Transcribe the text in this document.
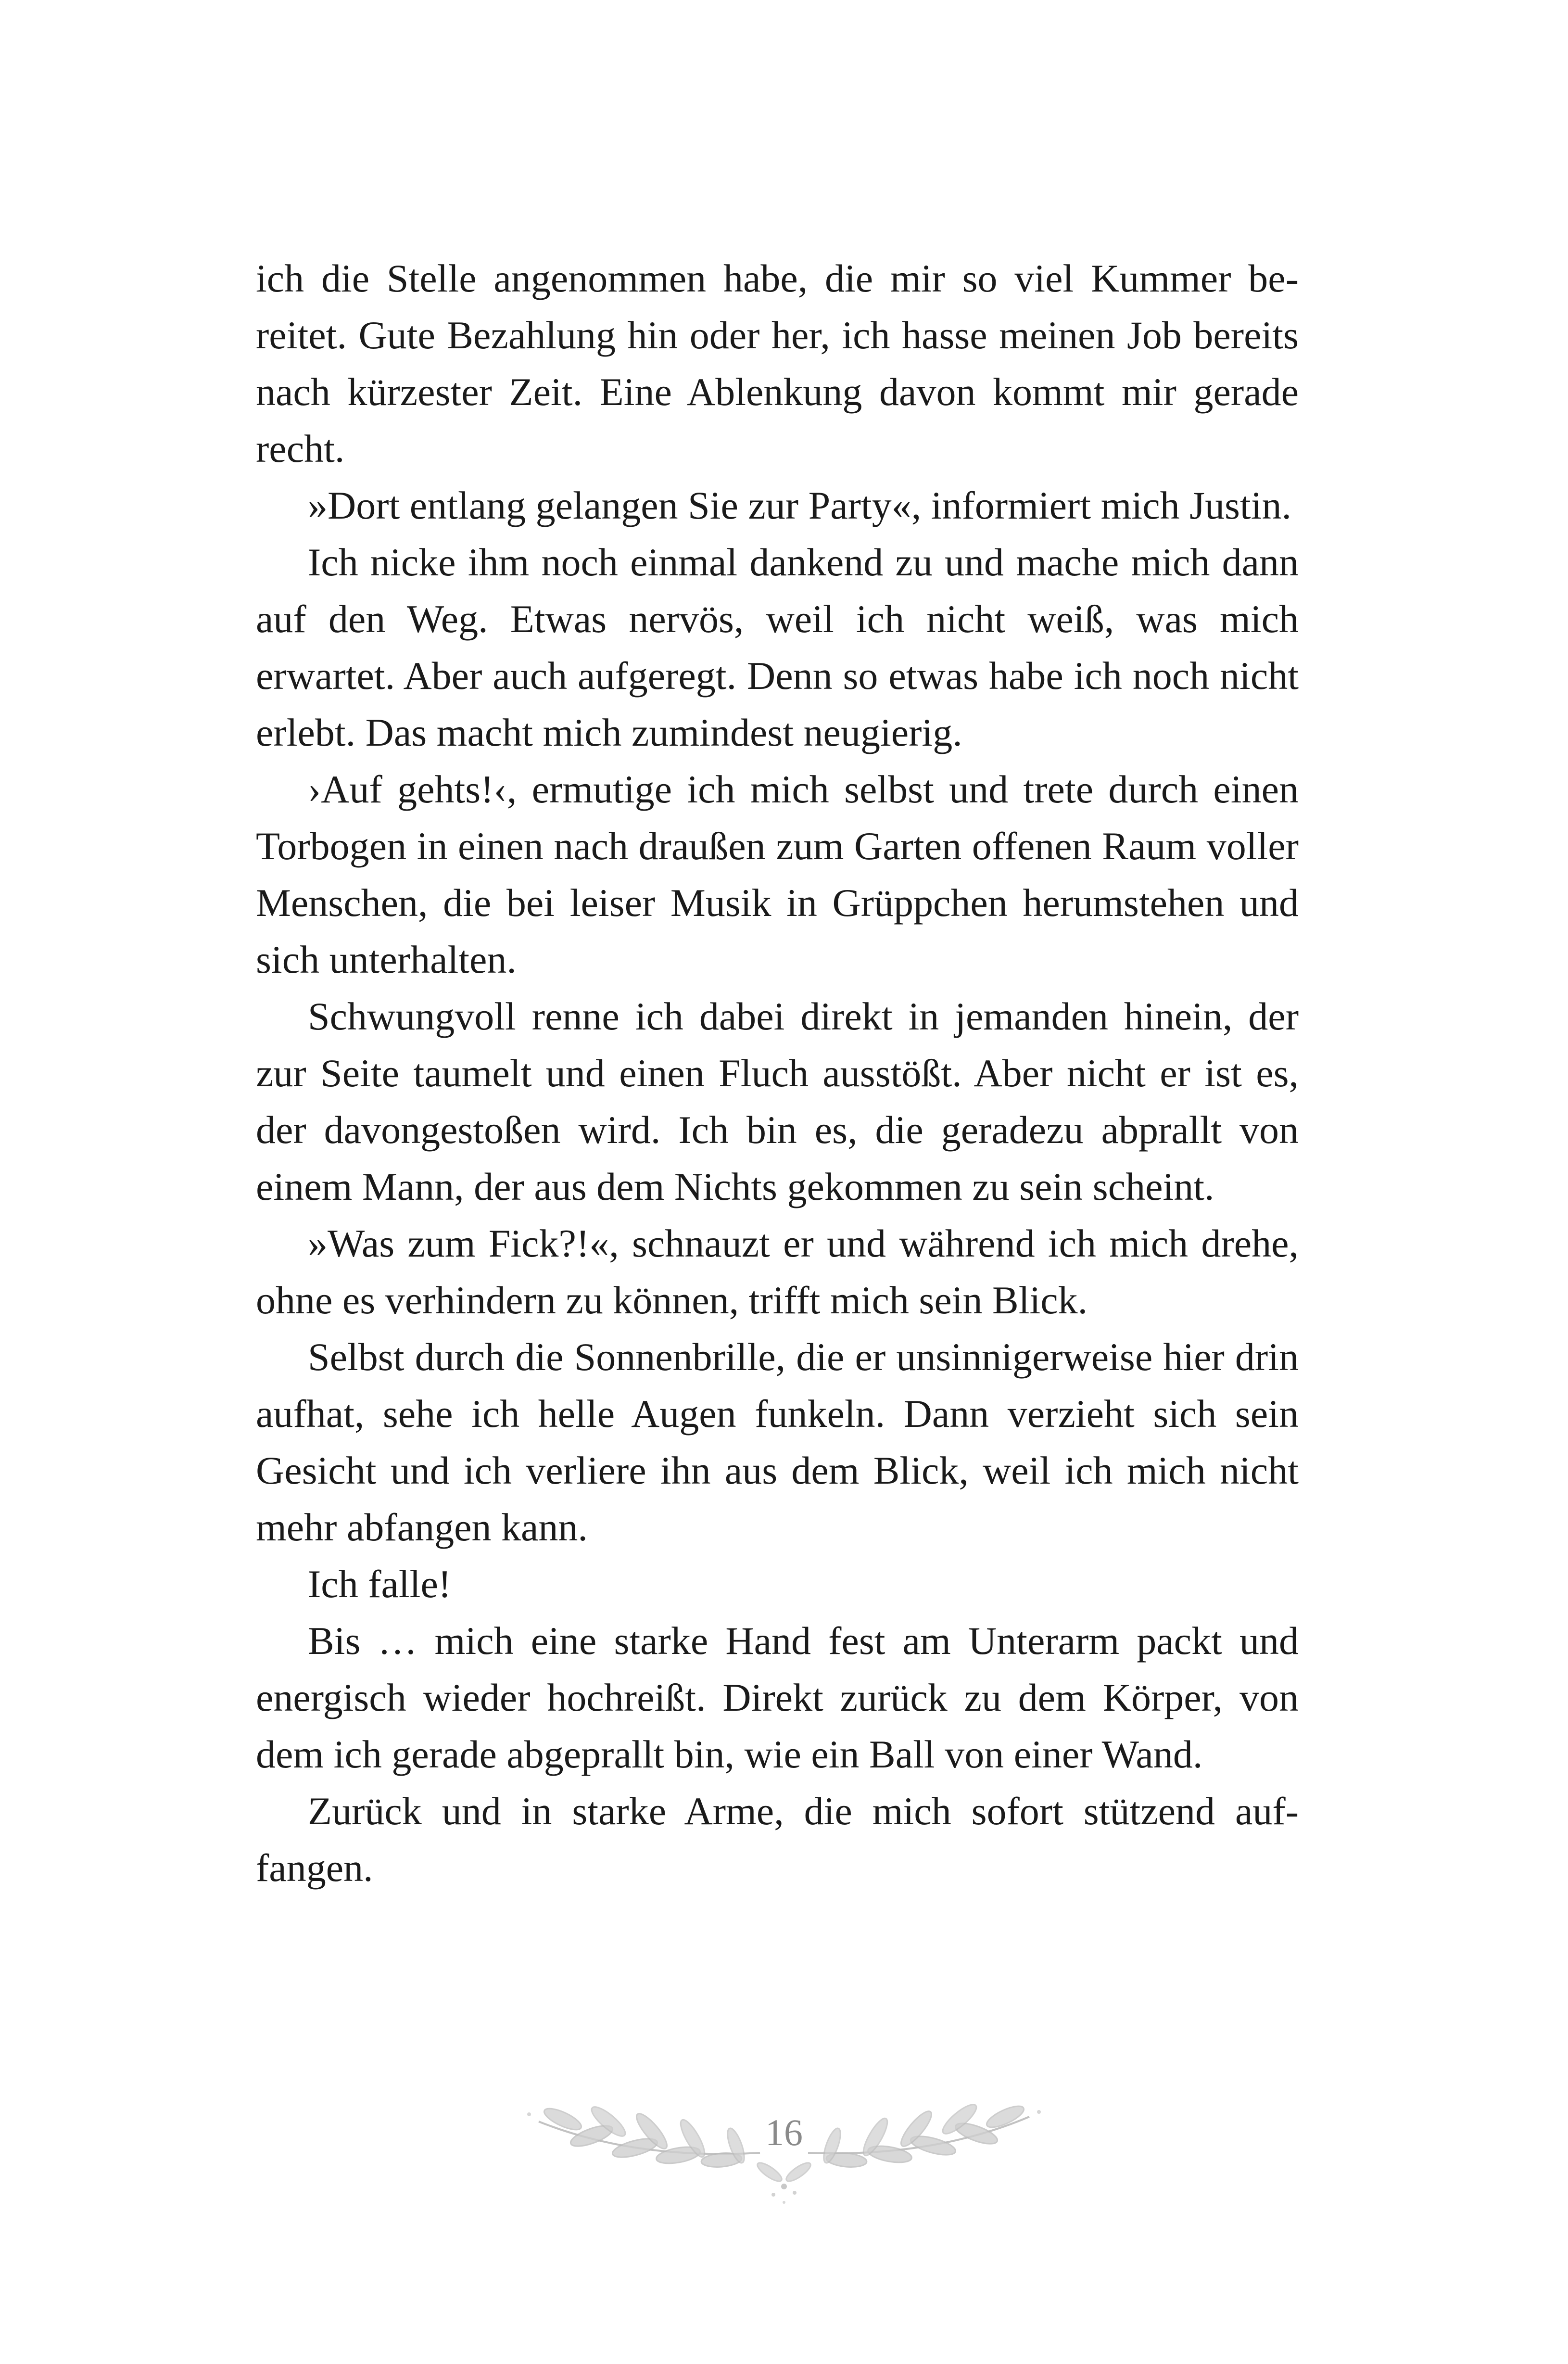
ich die Stelle angenommen habe, die mir so viel Kummer bereitet. Gute Bezahlung hin oder her, ich hasse meinen Job bereits nach kürzester Zeit. Eine Ablenkung davon kommt mir gerade recht.

»Dort entlang gelangen Sie zur Party«, informiert mich Justin.

Ich nicke ihm noch einmal dankend zu und mache mich dann auf den Weg. Etwas nervös, weil ich nicht weiß, was mich erwartet. Aber auch aufgeregt. Denn so etwas habe ich noch nicht erlebt. Das macht mich zumindest neugierig.

›Auf gehts!‹, ermutige ich mich selbst und trete durch einen Torbogen in einen nach draußen zum Garten offenen Raum voller Menschen, die bei leiser Musik in Grüppchen herumstehen und sich unterhalten.

Schwungvoll renne ich dabei direkt in jemanden hinein, der zur Seite taumelt und einen Fluch ausstößt. Aber nicht er ist es, der davongestoßen wird. Ich bin es, die geradezu abprallt von einem Mann, der aus dem Nichts gekommen zu sein scheint.

»Was zum Fick?!«, schnauzt er und während ich mich drehe, ohne es verhindern zu können, trifft mich sein Blick.

Selbst durch die Sonnenbrille, die er unsinnigerweise hier drin aufhat, sehe ich helle Augen funkeln. Dann verzieht sich sein Gesicht und ich verliere ihn aus dem Blick, weil ich mich nicht mehr abfangen kann.

Ich falle!

Bis … mich eine starke Hand fest am Unterarm packt und energisch wieder hochreißt. Direkt zurück zu dem Körper, von dem ich gerade abgeprallt bin, wie ein Ball von einer Wand.

Zurück und in starke Arme, die mich sofort stützend auffangen.

16
